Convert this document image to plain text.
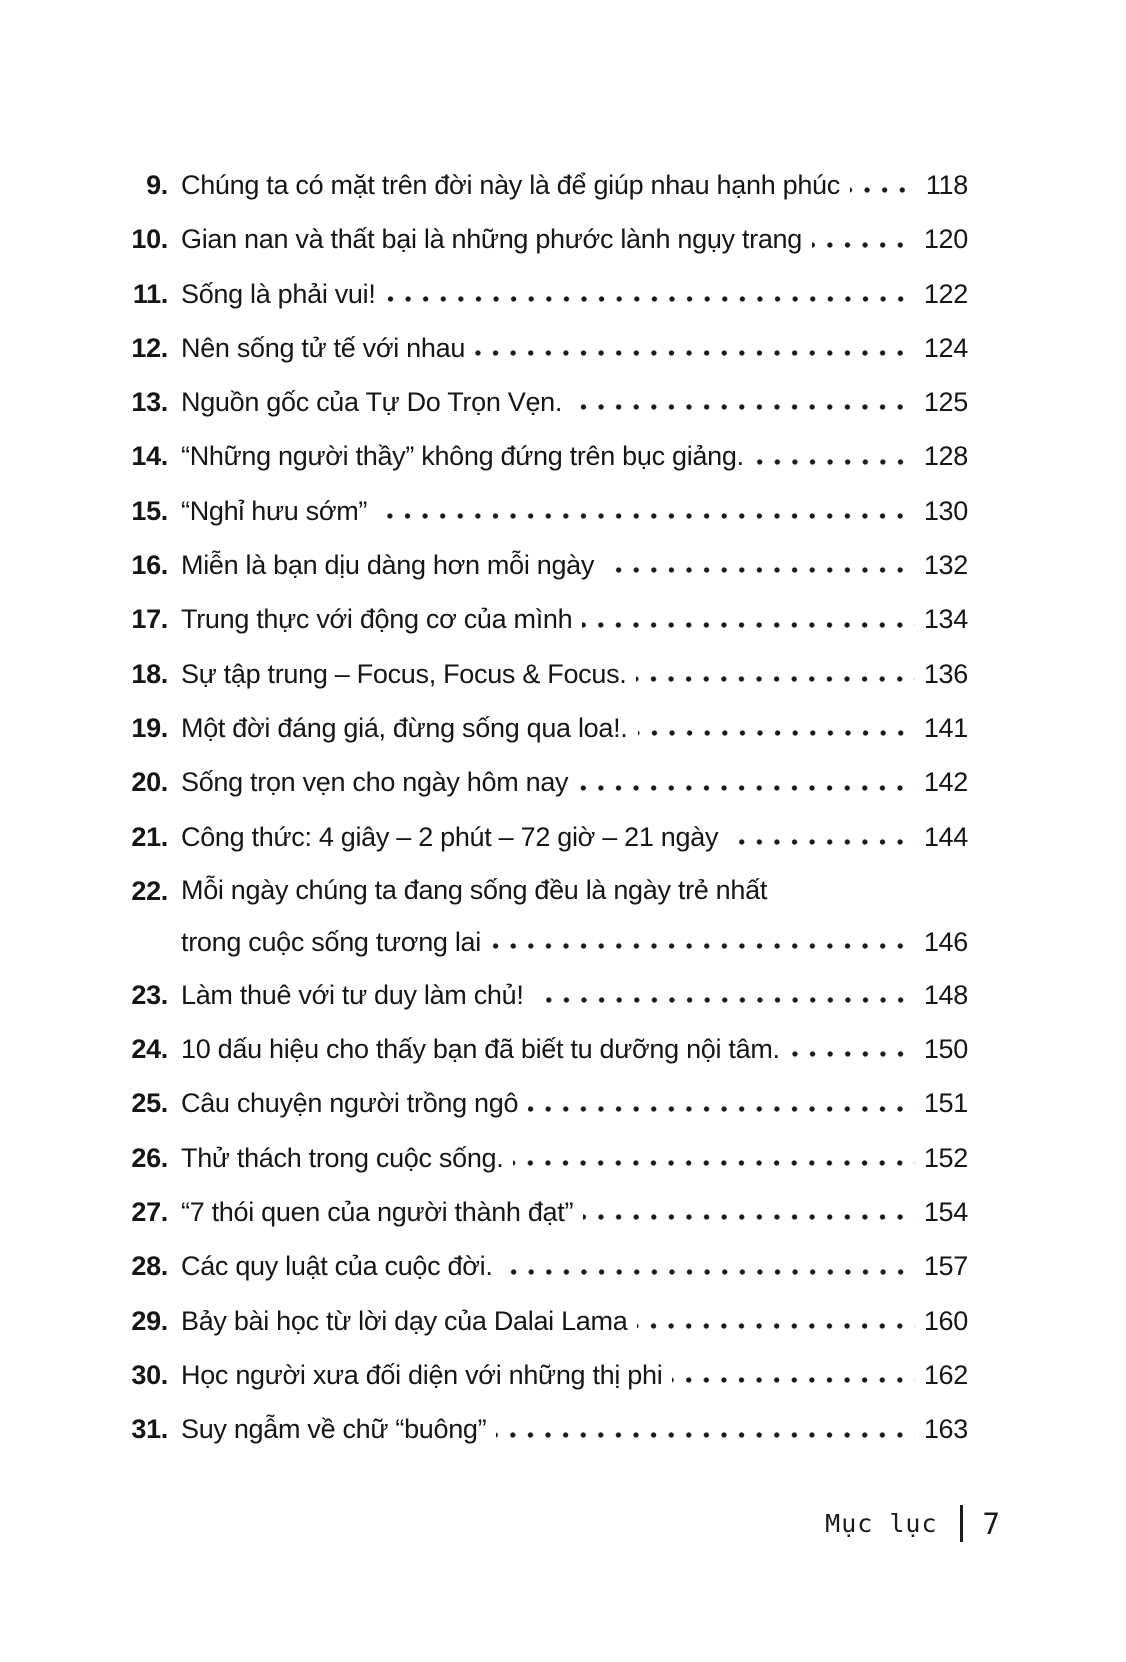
9. Chúng ta có mặt trên đời này là để giúp nhau hạnh phúc	118
10. Gian nan và thất bại là những phước lành ngụy trang	120
11. Sống là phải vui!	122
12. Nên sống tử tế với nhau	124
13. Nguồn gốc của Tự Do Trọn Vẹn.	125
14. “Những người thầy” không đứng trên bục giảng.	128
15. “Nghỉ hưu sớm”	130
16. Miễn là bạn dịu dàng hơn mỗi ngày	132
17. Trung thực với động cơ của mình	134
18. Sự tập trung – Focus, Focus & Focus.	136
19. Một đời đáng giá, đừng sống qua loa!.	141
20. Sống trọn vẹn cho ngày hôm nay	142
21. Công thức: 4 giây – 2 phút – 72 giờ – 21 ngày	144
22. Mỗi ngày chúng ta đang sống đều là ngày trẻ nhất
trong cuộc sống tương lai	146
23. Làm thuê với tư duy làm chủ!	148
24. 10 dấu hiệu cho thấy bạn đã biết tu dưỡng nội tâm.	150
25. Câu chuyện người trồng ngô	151
26. Thử thách trong cuộc sống.	152
27. “7 thói quen của người thành đạt”	154
28. Các quy luật của cuộc đời.	157
29. Bảy bài học từ lời dạy của Dalai Lama	160
30. Học người xưa đối diện với những thị phi	162
31. Suy ngẫm về chữ “buông”	163
Mục lục 7
